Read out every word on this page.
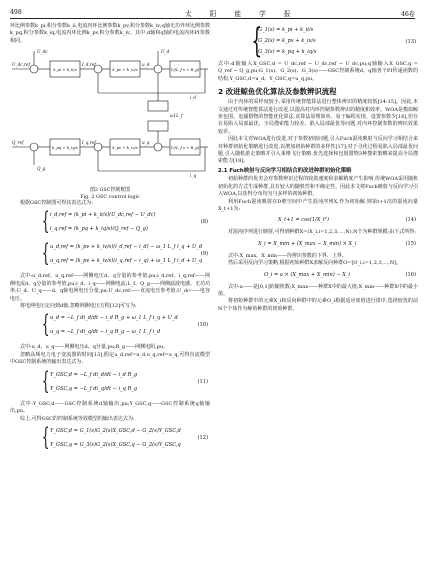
498	太 阳 能 学 报	46卷

环比例参数k_pi,积分参数k_ii,电流内环比例参数k_pv,积分参数k_iv;q轴无功外环比例参数k_pq,积分参数k_iq,电流内环比例k_pv,积分参数k_iv。其中,d轴和q轴的电流内环PI参数相同。

U_dc,ref
U_dc
I_d,ref	u_d
U_d
ω1L_f
Q_ref
Q_g
I_q,ref	u_q
i_q
i_d
k_pi + k_ii/s	k_pv + k_iv/s
k_pq + k_iq/s	k_pv + k_iv/s
1/(L_f s + R_g)
1/(L_f s + R_g)
图2 GSC控制框图
Fig. 2 GSC control logic

根据GSC控制图可得其表达式为:

{ i_d,ref = (k_pi + k_ii/s)(U_dc,ref − U_dc)
i_q,ref = (k_pq + k_iq/s)(Q_ref − Q_g)
(8)
{ u_d,ref = (k_pv + k_iv/s)(i_d,ref − i_d) − ω_1 L_f i_q + U_d
u_q,ref = (k_pv + k_iv/s)(i_q,ref − i_q) + ω_1 L_f i_d + U_q
(9)

式中:u_d,ref、u_q,ref——网侧电压d、q分量的参考值,pu;i_d,ref、i_q,ref——网侧电流d、q分量的参考值,pu;i_d、i_q——网侧电流;L_f、Q_g——网侧滤波电感、无功功率;U_d、U_q——d、q轴电网电压分量,pu;U_dc,ref——直流电压参考值;U_dc——电容电压。

将电网电压定向到d轴,忽略网侧电压方程[12]可写为:

{ u_d = −L_f di_d/dt − i_d R_g + ω_1 L_f i_q + U_d
u_q = −L_f di_q/dt − i_q R_g − ω_1 L_f i_d
(10)

式中:u_d、u_q——网侧电压d、q分量,pu;R_g——网侧电阻,pu。

忽略高频电力电子变流器的时间[13],假定u_d,ref=u_d,u_q,ref=u_q,可得直流模型中GSC控制系统的输出表达式为:

{ Y_GSC,d = −L_f di_d/dt − i_d R_g
Y_GSC,q = −L_f di_q/dt − i_q R_g
(11)

式中:Y_GSC,d——GSC控制系统d轴输出,pu;Y_GSC,q——GSC控制系统q轴输出,pu。

综上,可得GSC的控制系统等效模型的输出表达式为:

{ Y_GSC,d = G_1(s)G_2(s)X_GSC,d − G_2(s)Y_GSC,d
Y_GSC,q = G_3(s)G_2(s)X_GSC,q − G_2(s)Y_GSC,q
(12)
{
G_1(s) = k_pi + k_ii/s
G_2(s) = k_pv + k_iv/s
G_3(s) = k_pq + k_iq/s
(13)

式中:d轴输入X_GSC,d = U_dc,ref − U_dc,ref − U_dc,pu;q轴输入X_GSC,q = Q_ref − Q_g,pu;G_1(s)、G_2(s)、G_3(s)——GSC控制系统d、q轴各个PI传递函数的结构,Y_GSC,d=u_d、Y_GSC,q=u_q,pu。

2 改进鲸鱼优化算法及参数辨识流程

由于内环的采样度较小,采用传统智能算法进行整体辨识的精度较低[14-15]。因此,本文通过对传统智能算法进行改进,以提高对内环控制参数辨识的精度和效率。WOA是模拟鲸鱼包围、追捕猎物的智能优化算法,该算法原理简单、易于编程实现、设置参数少[16],但存在易陷入局部最优、全局搜索能力较差、陷入局部最优等问题,对内环控制参数的辨识效果较差。

因此本文对WOA进行改进,对于参数初值问题,引入Fuch混沌映射与反向学习相结合来对种群初始化策略进行改进,以增加初始种群的多样性[17];对于寻优过程易陷入局部最优问题,引入随机游走策略并引入莱维飞行策略,优先选择和包围猎物3种搜索策略来提高全局搜索能力[18]。

2.1 Fuch映射与反向学习相结合的改进种群初始化策略

初始种群的优劣会对参数辨识过程的收敛速度和求解精度产生影响,传统WOA采用随机初始化的方式生成种群,具有较大的随机性和不确定性。因此本文将Fuch映射与反向学习引入WOA,以获得分布均匀与多样的初始种群。

利用Fuch混沌映射在D维空间中产生混沌序列X,作为初始解,则第t+1次的混沌向量X_t+1为:

X_t+1 = cos(1/X_t²)	(14)

对混沌序列进行映射,可得到种群X=(X_i,i=1,2,3,…,N),N个为种群规模;由下式所得:

X_i = X_min + (X_max − X_min) × X_i	(15)

式中:X_max、X_min——待辨识参数的下界、上界。

然后采用反向学习策略,根据初始种群X求解反向种群O=[O_i,i=1,2,3,…,N]。

O_i = a × (X_max + X_min) − X_i	(16)

式中:a——是[0,1]的随机数;X_max——种群X中的最大值;X_min——种群X中的最小值。

将初始种群中的元素X_i和反向种群中的元素O_i根据适应度值进行排序,选择较优的前N个个体作为鲸鱼种群的初始种群。
